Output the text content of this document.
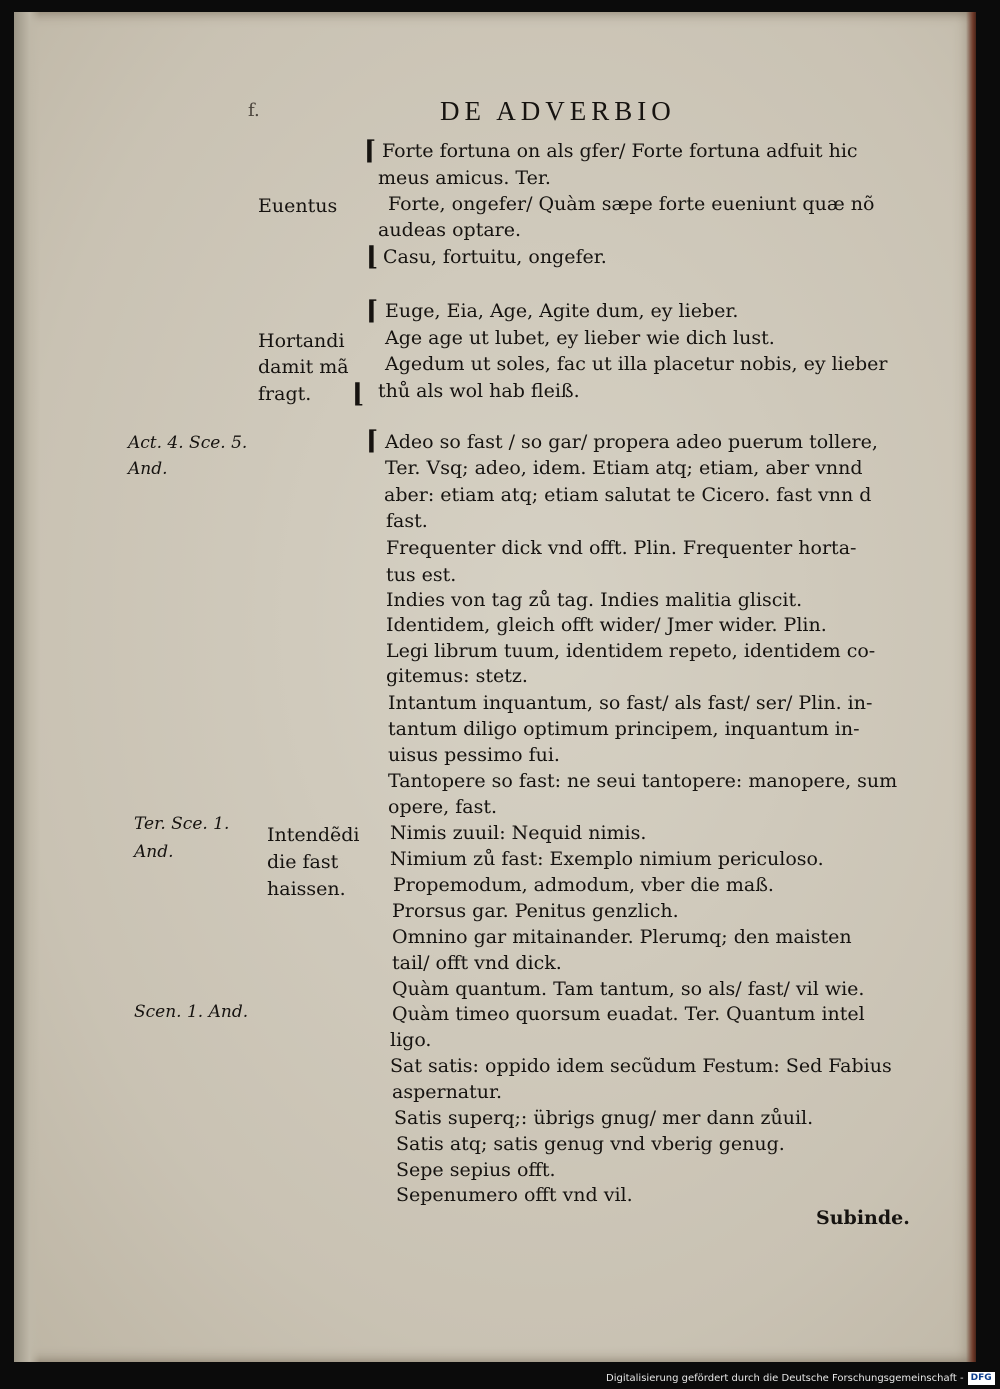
f.	DE ADVERBIO
Act. 4. Sce. 5.
And.
Ter. Sce. 1.
And.
Scen. 1. And.
Euentus
Hortandi
damit mã
fragt.
Intendẽdi
die fast
haissen.
⌈
⌊
⌈
⌊
⌈
Forte fortuna on als gfer/ Forte fortuna adfuit hic
meus amicus. Ter.
Forte, ongefer/ Quàm sæpe forte eueniunt quæ nõ
audeas optare.
Casu, fortuitu, ongefer.
Euge, Eia, Age, Agite dum, ey lieber.
Age age ut lubet, ey lieber wie dich lust.
Agedum ut soles, fac ut illa placetur nobis, ey lieber
thů als wol hab fleiß.
Adeo so fast / so gar/ propera adeo puerum tollere,
Ter. Vsq; adeo, idem. Etiam atq; etiam, aber vnnd
aber: etiam atq; etiam salutat te Cicero. fast vnn d
fast.
Frequenter dick vnd offt. Plin. Frequenter horta-
tus est.
Indies von tag zů tag. Indies malitia gliscit.
Identidem, gleich offt wider/ Jmer wider. Plin.
Legi librum tuum, identidem repeto, identidem co-
gitemus: stetz.
Intantum inquantum, so fast/ als fast/ ser/ Plin. in-
tantum diligo optimum principem, inquantum in-
uisus pessimo fui.
Tantopere so fast: ne seui tantopere: manopere, sum
opere, fast.
Nimis zuuil: Nequid nimis.
Nimium zů fast: Exemplo nimium periculoso.
Propemodum, admodum, vber die maß.
Prorsus gar. Penitus genzlich.
Omnino gar mitainander. Plerumq; den maisten
tail/ offt vnd dick.
Quàm quantum. Tam tantum, so als/ fast/ vil wie.
Quàm timeo quorsum euadat. Ter. Quantum intel
ligo.
Sat satis: oppido idem secũdum Festum: Sed Fabius
aspernatur.
Satis superq;: übrigs gnug/ mer dann zůuil.
Satis atq; satis genug vnd vberig genug.
Sepe sepius offt.
Sepenumero offt vnd vil.
Subinde.
Digitalisierung gefördert durch die Deutsche Forschungsgemeinschaft - DFG
